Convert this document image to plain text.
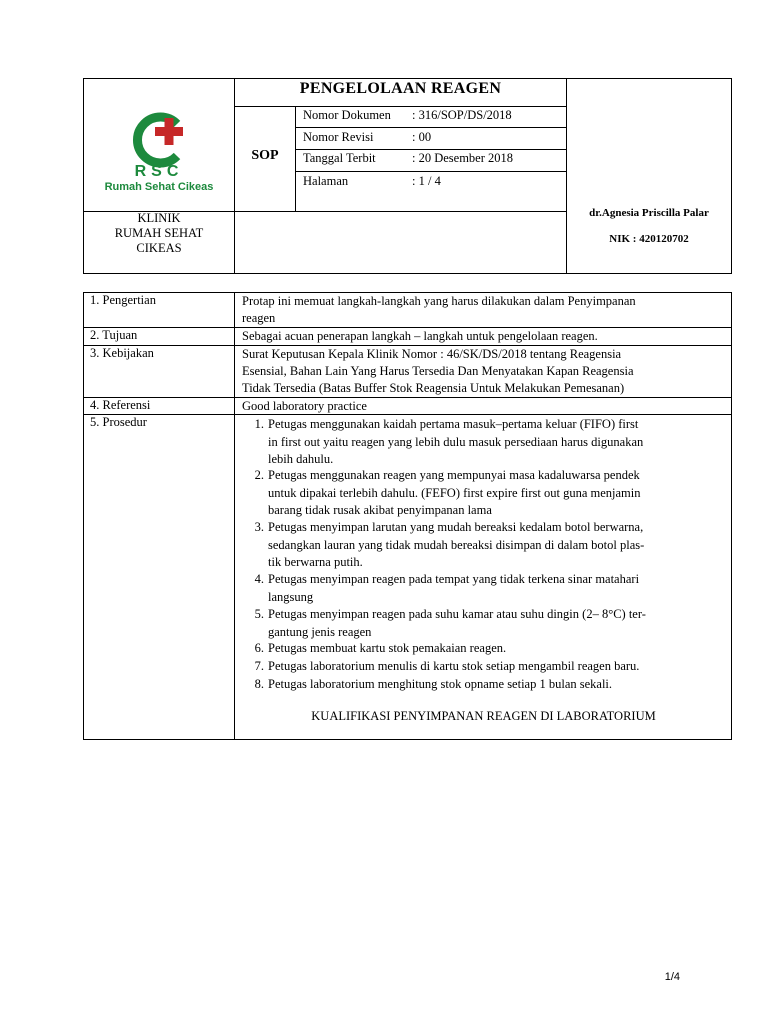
RSC
Rumah Sehat Cikeas
PENGELOLAAN REAGEN
SOP
Nomor Dokumen : 316/SOP/DS/2018
Nomor Revisi	: 00
Tanggal Terbit	: 20 Desember 2018
Halaman	: 1 / 4
KLINIK
RUMAH SEHAT
CIKEAS
dr.Agnesia Priscilla Palar
NIK : 420120702
1. Pengertian	Protap ini memuat langkah-langkah yang harus dilakukan dalam Penyimpanan
reagen
2. Tujuan	Sebagai acuan penerapan langkah – langkah untuk pengelolaan reagen.
3. Kebijakan	Surat Keputusan Kepala Klinik Nomor : 46/SK/DS/2018 tentang Reagensia
Esensial, Bahan Lain Yang Harus Tersedia Dan Menyatakan Kapan Reagensia
Tidak Tersedia (Batas Buffer Stok Reagensia Untuk Melakukan Pemesanan)
4. Referensi	Good laboratory practice
5. Prosedur	1. Petugas menggunakan kaidah pertama masuk–pertama keluar (FIFO) first
in first out yaitu reagen yang lebih dulu masuk persediaan harus digunakan
lebih dahulu.
2. Petugas menggunakan reagen yang mempunyai masa kadaluwarsa pendek
untuk dipakai terlebih dahulu. (FEFO) first expire first out guna menjamin
barang tidak rusak akibat penyimpanan lama
3. Petugas menyimpan larutan yang mudah bereaksi kedalam botol berwarna,
sedangkan lauran yang tidak mudah bereaksi disimpan di dalam botol plas-
tik berwarna putih.
4. Petugas menyimpan reagen pada tempat yang tidak terkena sinar matahari
langsung
5. Petugas menyimpan reagen pada suhu kamar atau suhu dingin (2– 8°C) ter-
gantung jenis reagen
6. Petugas membuat kartu stok pemakaian reagen.
7. Petugas laboratorium menulis di kartu stok setiap mengambil reagen baru.
8. Petugas laboratorium menghitung stok opname setiap 1 bulan sekali.
KUALIFIKASI PENYIMPANAN REAGEN DI LABORATORIUM
1/4
